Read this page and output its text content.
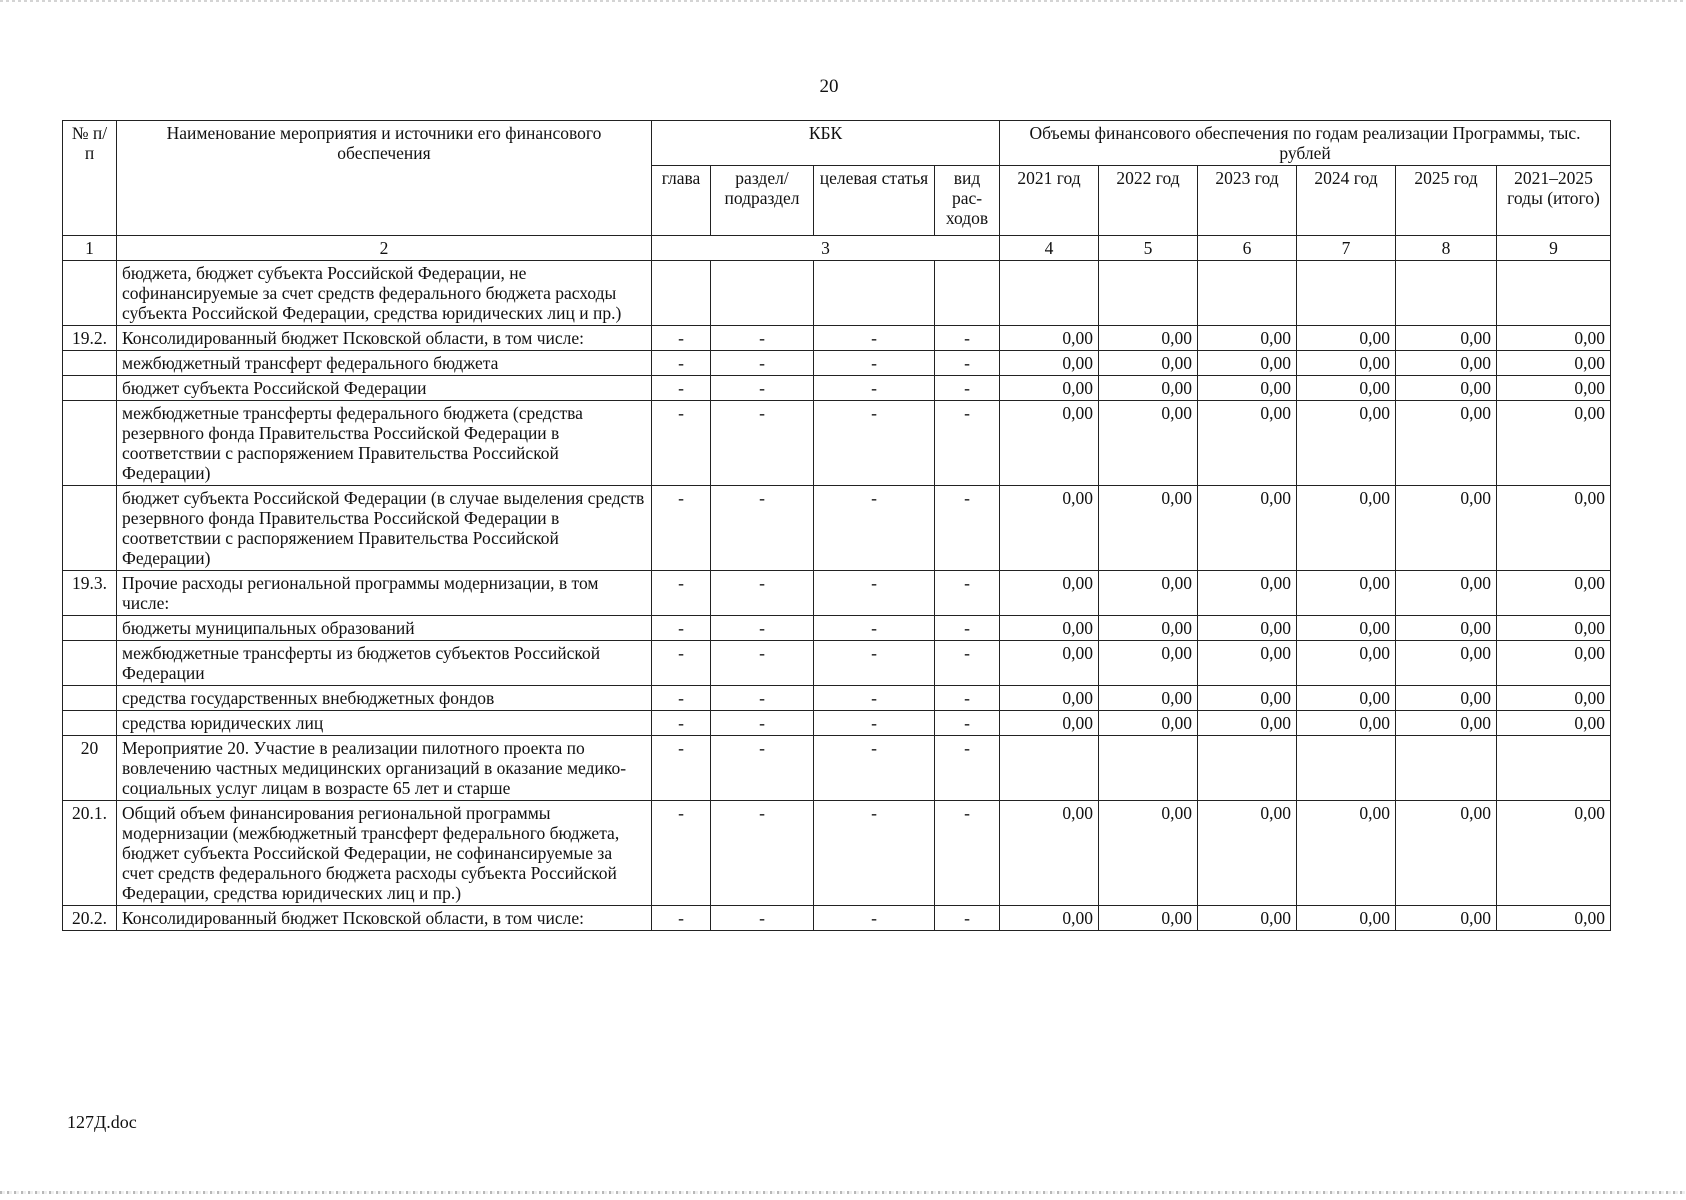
20
№ п/п	Наименование мероприятия и источники его финансового обеспечения	КБК				Объемы финансового обеспечения по годам реализации Программы, тыс. рублей					
		глава	раздел/ подраздел	целевая статья	вид рас- ходов	2021 год	2022 год	2023 год	2024 год	2025 год	2021–2025 годы (итого)
1	2	3				4	5	6	7	8	9
	бюджета, бюджет субъекта Российской Федерации, не софинансируемые за счет средств федерального бюджета расходы субъекта Российской Федерации, средства юридических лиц и пр.)										
19.2.	Консолидированный бюджет Псковской области, в том числе:	-	-	-	-	0,00	0,00	0,00	0,00	0,00	0,00
	межбюджетный трансферт федерального бюджета	-	-	-	-	0,00	0,00	0,00	0,00	0,00	0,00
	бюджет субъекта Российской Федерации	-	-	-	-	0,00	0,00	0,00	0,00	0,00	0,00
	межбюджетные трансферты федерального бюджета (средства резервного фонда Правительства Российской Федерации в соответствии с распоряжением Правительства Российской Федерации)	-	-	-	-	0,00	0,00	0,00	0,00	0,00	0,00
	бюджет субъекта Российской Федерации (в случае выделения средств резервного фонда Правительства Российской Федерации в соответствии с распоряжением Правительства Российской Федерации)	-	-	-	-	0,00	0,00	0,00	0,00	0,00	0,00
19.3.	Прочие расходы региональной программы модернизации, в том числе:	-	-	-	-	0,00	0,00	0,00	0,00	0,00	0,00
	бюджеты муниципальных образований	-	-	-	-	0,00	0,00	0,00	0,00	0,00	0,00
	межбюджетные трансферты из бюджетов субъектов Российской Федерации	-	-	-	-	0,00	0,00	0,00	0,00	0,00	0,00
	средства государственных внебюджетных фондов	-	-	-	-	0,00	0,00	0,00	0,00	0,00	0,00
	средства юридических лиц	-	-	-	-	0,00	0,00	0,00	0,00	0,00	0,00
20	Мероприятие 20. Участие в реализации пилотного проекта по вовлечению частных медицинских организаций в оказание медико-социальных услуг лицам в возрасте 65 лет и старше	-	-	-	-						
20.1.	Общий объем финансирования региональной программы модернизации (межбюджетный трансферт федерального бюджета, бюджет субъекта Российской Федерации, не софинансируемые за счет средств федерального бюджета расходы субъекта Российской Федерации, средства юридических лиц и пр.)	-	-	-	-	0,00	0,00	0,00	0,00	0,00	0,00
20.2.	Консолидированный бюджет Псковской области, в том числе:	-	-	-	-	0,00	0,00	0,00	0,00	0,00	0,00
127Д.doc
